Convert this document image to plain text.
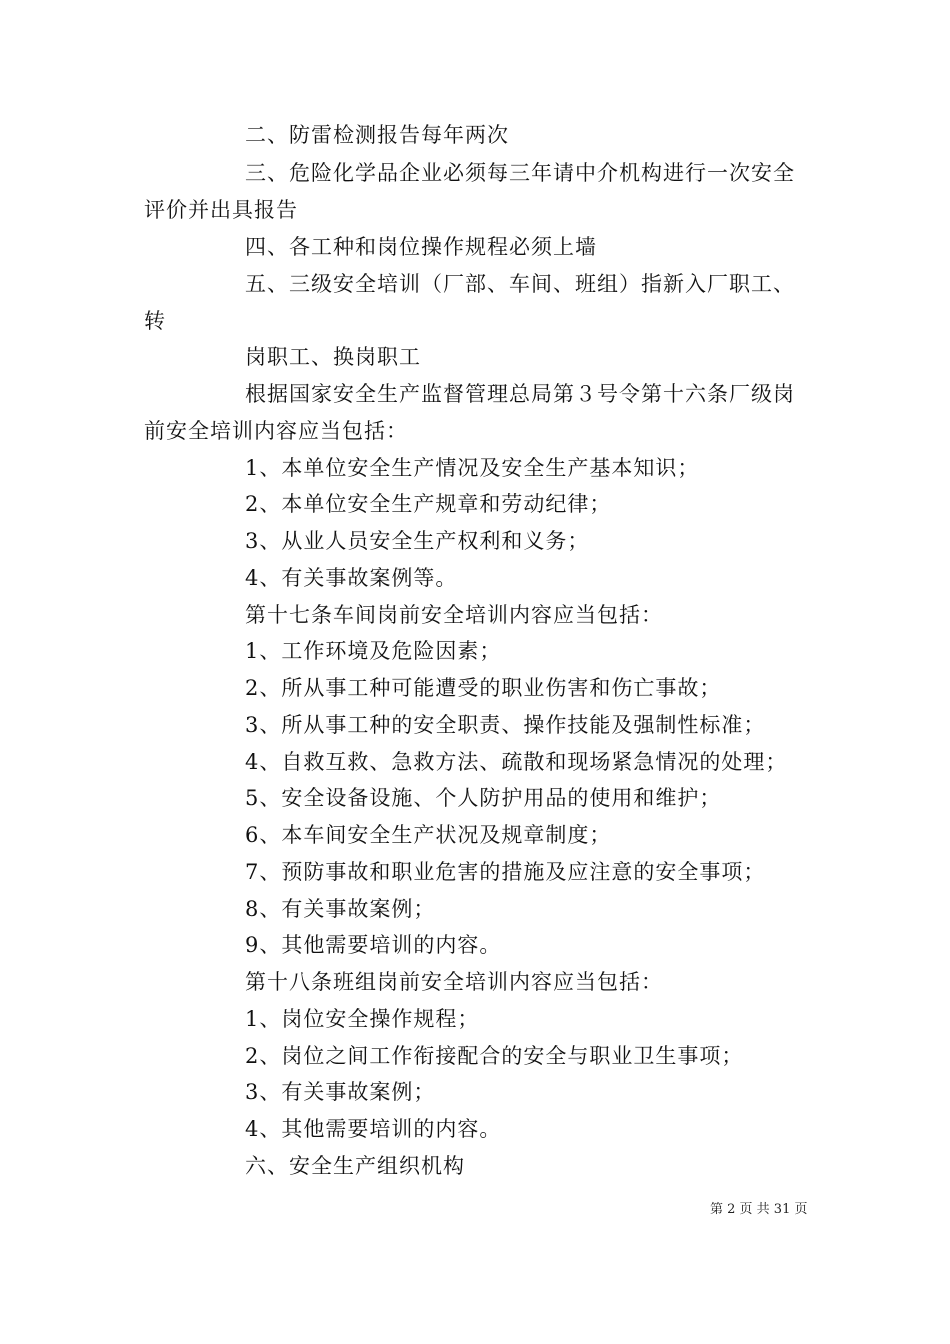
二、防雷检测报告每年两次
三、危险化学品企业必须每三年请中介机构进行一次安全
评价并出具报告
四、各工种和岗位操作规程必须上墙
五、三级安全培训（厂部、车间、班组）指新入厂职工、
转
岗职工、换岗职工
根据国家安全生产监督管理总局第３号令第十六条厂级岗
前安全培训内容应当包括：
1、本单位安全生产情况及安全生产基本知识；
2、本单位安全生产规章和劳动纪律；
3、从业人员安全生产权利和义务；
4、有关事故案例等。
第十七条车间岗前安全培训内容应当包括：
1、工作环境及危险因素；
2、所从事工种可能遭受的职业伤害和伤亡事故；
3、所从事工种的安全职责、操作技能及强制性标准；
4、自救互救、急救方法、疏散和现场紧急情况的处理；
5、安全设备设施、个人防护用品的使用和维护；
6、本车间安全生产状况及规章制度；
7、预防事故和职业危害的措施及应注意的安全事项；
8、有关事故案例；
9、其他需要培训的内容。
第十八条班组岗前安全培训内容应当包括：
1、岗位安全操作规程；
2、岗位之间工作衔接配合的安全与职业卫生事项；
3、有关事故案例；
4、其他需要培训的内容。
六、安全生产组织机构
第 2 页 共 31 页
